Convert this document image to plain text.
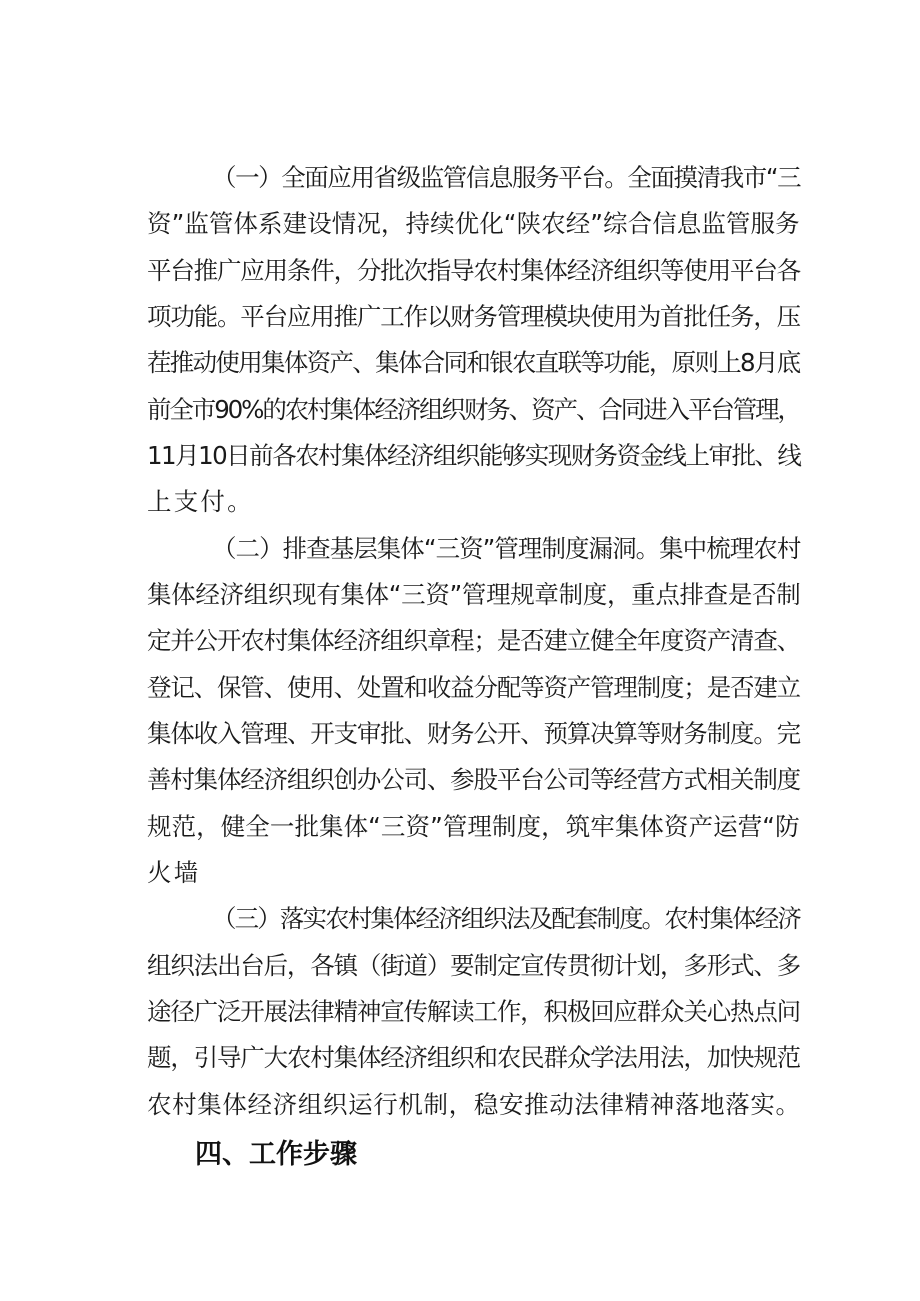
（一）全面应用省级监管信息服务平台。全面摸清我市“三
资”监管体系建设情况，持续优化“陕农经”综合信息监管服务
平台推广应用条件，分批次指导农村集体经济组织等使用平台各
项功能。平台应用推广工作以财务管理模块使用为首批任务，压
茬推动使用集体资产、集体合同和银农直联等功能，原则上8月底
前全市90%的农村集体经济组织财务、资产、合同进入平台管理，
11月10日前各农村集体经济组织能够实现财务资金线上审批、线
上支付。
（二）排查基层集体“三资”管理制度漏洞。集中梳理农村
集体经济组织现有集体“三资”管理规章制度，重点排查是否制
定并公开农村集体经济组织章程；是否建立健全年度资产清查、
登记、保管、使用、处置和收益分配等资产管理制度；是否建立
集体收入管理、开支审批、财务公开、预算决算等财务制度。完
善村集体经济组织创办公司、参股平台公司等经营方式相关制度
规范，健全一批集体“三资”管理制度，筑牢集体资产运营“防
火墙
（三）落实农村集体经济组织法及配套制度。农村集体经济
组织法出台后，各镇（街道）要制定宣传贯彻计划，多形式、多
途径广泛开展法律精神宣传解读工作，积极回应群众关心热点问
题，引导广大农村集体经济组织和农民群众学法用法，加快规范
农村集体经济组织运行机制，稳安推动法律精神落地落实。
四、工作步骤
